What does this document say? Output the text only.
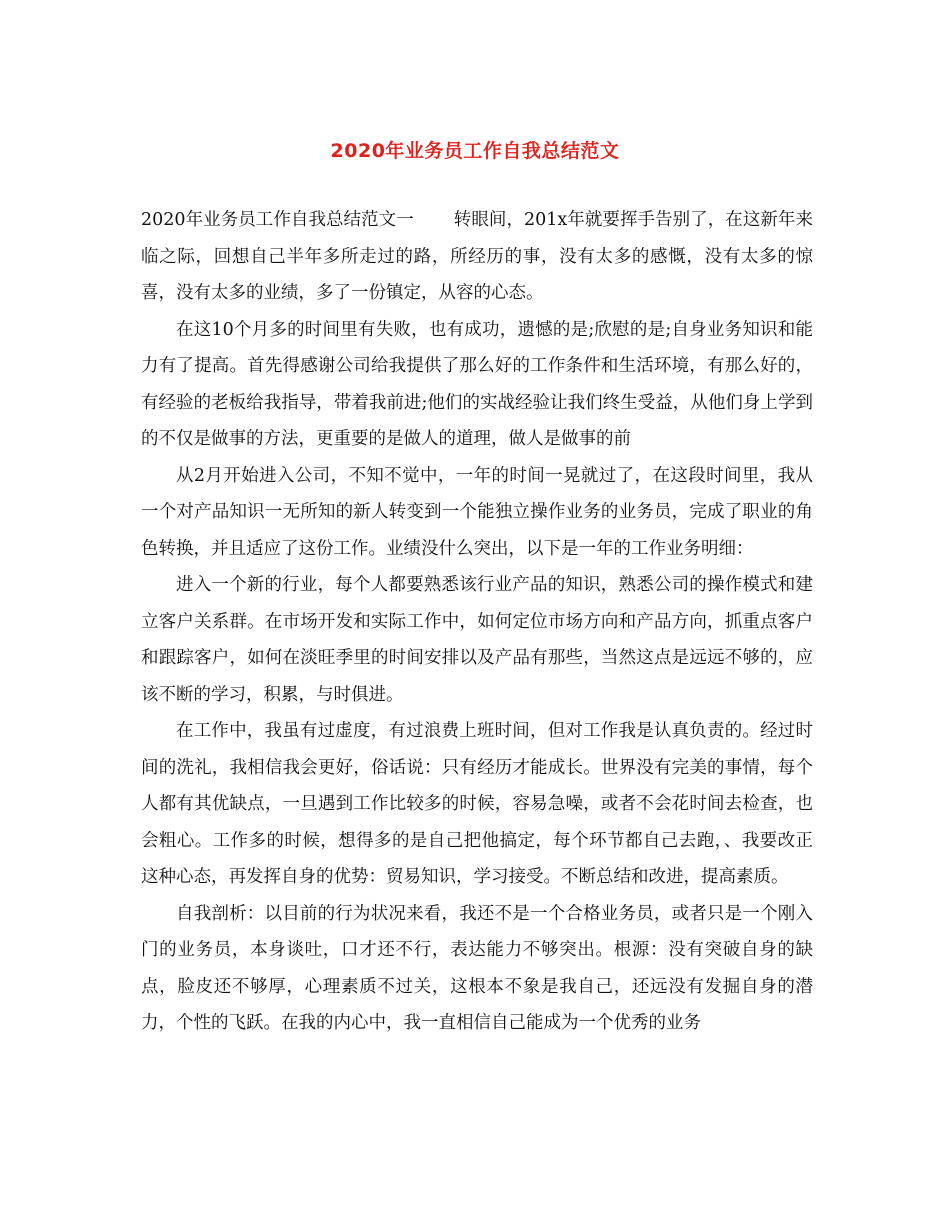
2020年业务员工作自我总结范文

2020年业务员工作自我总结范文一 转眼间，201x年就要挥手告别了，在这新年来临之际，回想自己半年多所走过的路，所经历的事，没有太多的感慨，没有太多的惊喜，没有太多的业绩，多了一份镇定，从容的心态。

在这10个月多的时间里有失败，也有成功，遗憾的是;欣慰的是;自身业务知识和能力有了提高。首先得感谢公司给我提供了那么好的工作条件和生活环境，有那么好的，有经验的老板给我指导，带着我前进;他们的实战经验让我们终生受益，从他们身上学到的不仅是做事的方法，更重要的是做人的道理，做人是做事的前

从2月开始进入公司，不知不觉中，一年的时间一晃就过了，在这段时间里，我从一个对产品知识一无所知的新人转变到一个能独立操作业务的业务员，完成了职业的角色转换，并且适应了这份工作。业绩没什么突出，以下是一年的工作业务明细：

进入一个新的行业，每个人都要熟悉该行业产品的知识，熟悉公司的操作模式和建立客户关系群。在市场开发和实际工作中，如何定位市场方向和产品方向，抓重点客户和跟踪客户，如何在淡旺季里的时间安排以及产品有那些，当然这点是远远不够的，应该不断的学习，积累，与时俱进。

在工作中，我虽有过虚度，有过浪费上班时间，但对工作我是认真负责的。经过时间的洗礼，我相信我会更好，俗话说：只有经历才能成长。世界没有完美的事情，每个人都有其优缺点，一旦遇到工作比较多的时候，容易急噪，或者不会花时间去检查，也会粗心。工作多的时候，想得多的是自己把他搞定，每个环节都自己去跑，、我要改正这种心态，再发挥自身的优势：贸易知识，学习接受。不断总结和改进，提高素质。

自我剖析：以目前的行为状况来看，我还不是一个合格业务员，或者只是一个刚入门的业务员，本身谈吐，口才还不行，表达能力不够突出。根源：没有突破自身的缺点，脸皮还不够厚，心理素质不过关，这根本不象是我自己，还远没有发掘自身的潜力，个性的飞跃。在我的内心中，我一直相信自己能成为一个优秀的业务
